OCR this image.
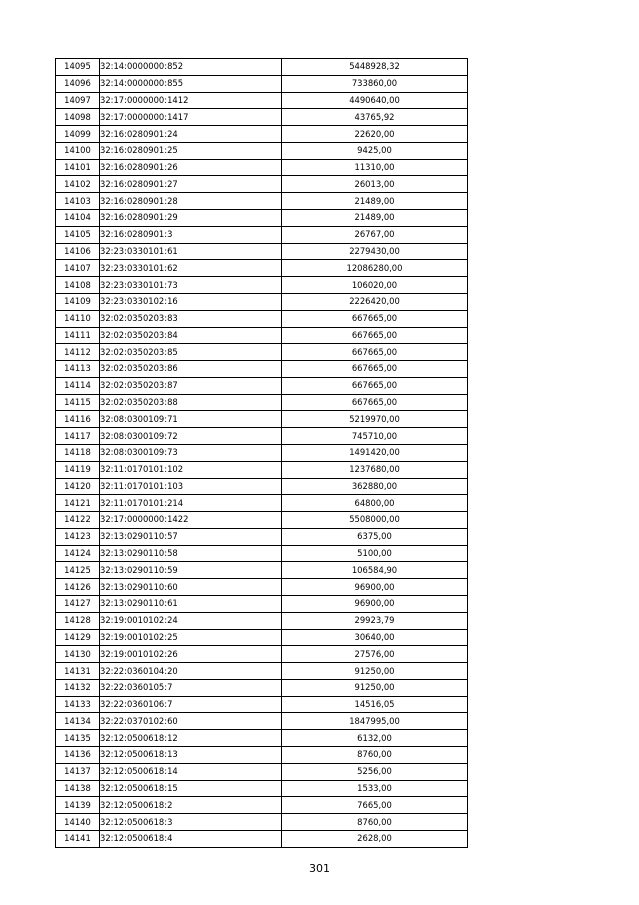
14095	32:14:0000000:852	5448928,32
14096	32:14:0000000:855	733860,00
14097	32:17:0000000:1412	4490640,00
14098	32:17:0000000:1417	43765,92
14099	32:16:0280901:24	22620,00
14100	32:16:0280901:25	9425,00
14101	32:16:0280901:26	11310,00
14102	32:16:0280901:27	26013,00
14103	32:16:0280901:28	21489,00
14104	32:16:0280901:29	21489,00
14105	32:16:0280901:3	26767,00
14106	32:23:0330101:61	2279430,00
14107	32:23:0330101:62	12086280,00
14108	32:23:0330101:73	106020,00
14109	32:23:0330102:16	2226420,00
14110	32:02:0350203:83	667665,00
14111	32:02:0350203:84	667665,00
14112	32:02:0350203:85	667665,00
14113	32:02:0350203:86	667665,00
14114	32:02:0350203:87	667665,00
14115	32:02:0350203:88	667665,00
14116	32:08:0300109:71	5219970,00
14117	32:08:0300109:72	745710,00
14118	32:08:0300109:73	1491420,00
14119	32:11:0170101:102	1237680,00
14120	32:11:0170101:103	362880,00
14121	32:11:0170101:214	64800,00
14122	32:17:0000000:1422	5508000,00
14123	32:13:0290110:57	6375,00
14124	32:13:0290110:58	5100,00
14125	32:13:0290110:59	106584,90
14126	32:13:0290110:60	96900,00
14127	32:13:0290110:61	96900,00
14128	32:19:0010102:24	29923,79
14129	32:19:0010102:25	30640,00
14130	32:19:0010102:26	27576,00
14131	32:22:0360104:20	91250,00
14132	32:22:0360105:7	91250,00
14133	32:22:0360106:7	14516,05
14134	32:22:0370102:60	1847995,00
14135	32:12:0500618:12	6132,00
14136	32:12:0500618:13	8760,00
14137	32:12:0500618:14	5256,00
14138	32:12:0500618:15	1533,00
14139	32:12:0500618:2	7665,00
14140	32:12:0500618:3	8760,00
14141	32:12:0500618:4	2628,00
301
